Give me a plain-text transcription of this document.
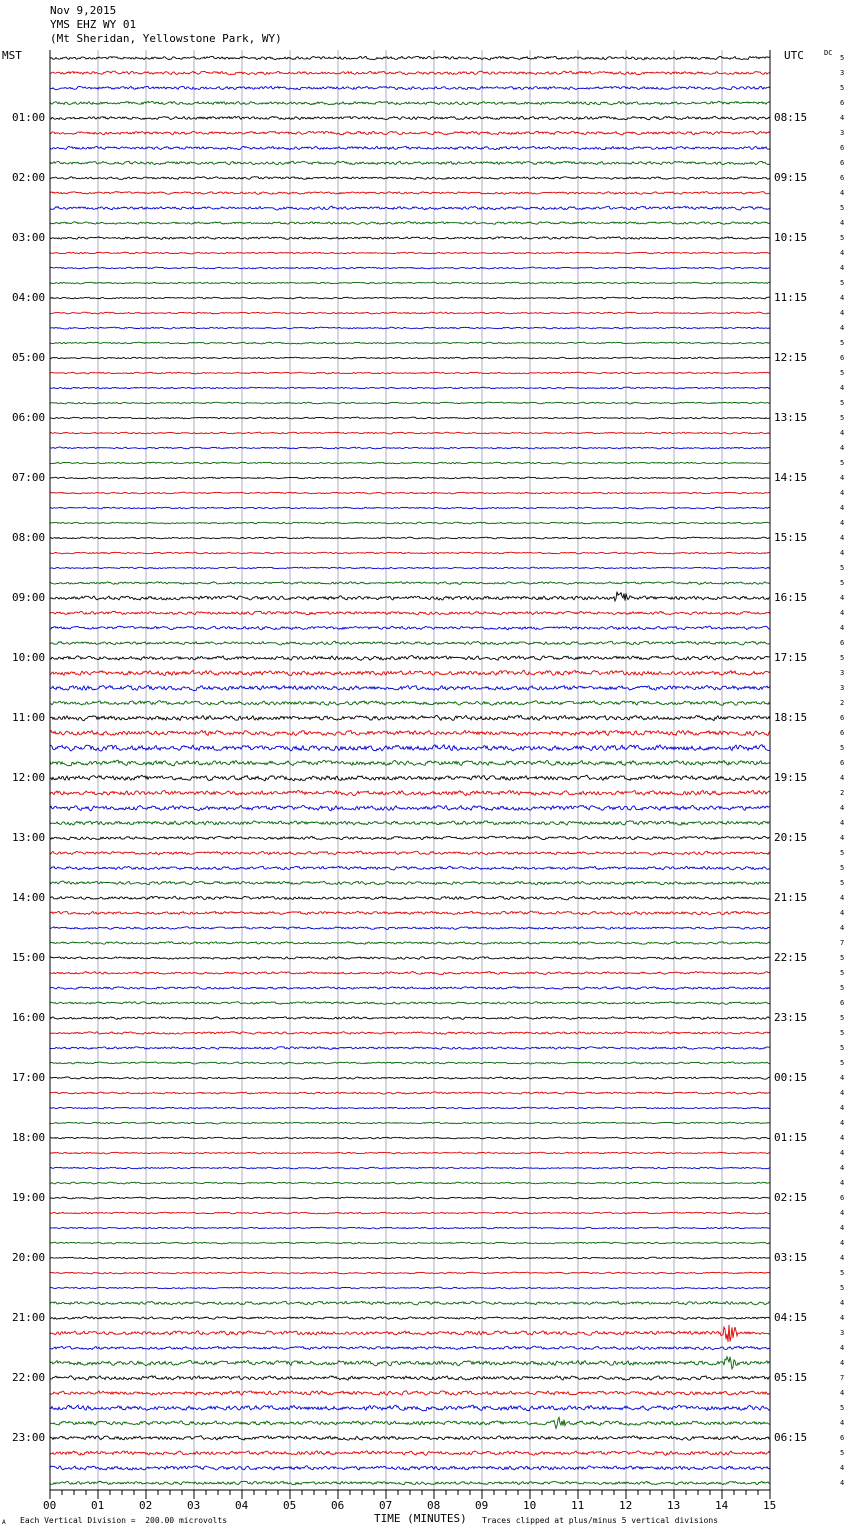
Nov 9,2015
YMS EHZ WY 01
(Mt Sheridan, Yellowstone Park, WY)
MST	UTC	DC
01:00
02:00
03:00
04:00
05:00
06:00
07:00
08:00
09:00
10:00
11:00
12:00
13:00
14:00
15:00
16:00
17:00
18:00
19:00
20:00
21:00
22:00
23:00
08:15
09:15
10:15
11:15
12:15
13:15
14:15
15:15
16:15
17:15
18:15
19:15
20:15
21:15
22:15
23:15
00:15
01:15
02:15
03:15
04:15
05:15
06:15
5
3
5
6
4
3
6
6
6
4
5
4
5
4
4
5
4
4
4
5
6
5
4
5
5
4
4
5
4
4
4
4
4
4
5
5
4
4
4
6
5
3
3
2
6
6
5
6
4
2
4
4
4
5
5
5
4
4
4
7
5
5
5
6
5
5
5
5
4
4
4
4
4
4
4
4
6
4
4
4
4
5
5
4
4
3
4
4
7
4
5
4
6
5
4
4
00	01	02	03	04	05	06	07	08	09	10	11	12	13	14	15
A Each Vertical Division =  200.00 microvolts	TIME (MINUTES) Traces clipped at plus/minus 5 vertical divisions
